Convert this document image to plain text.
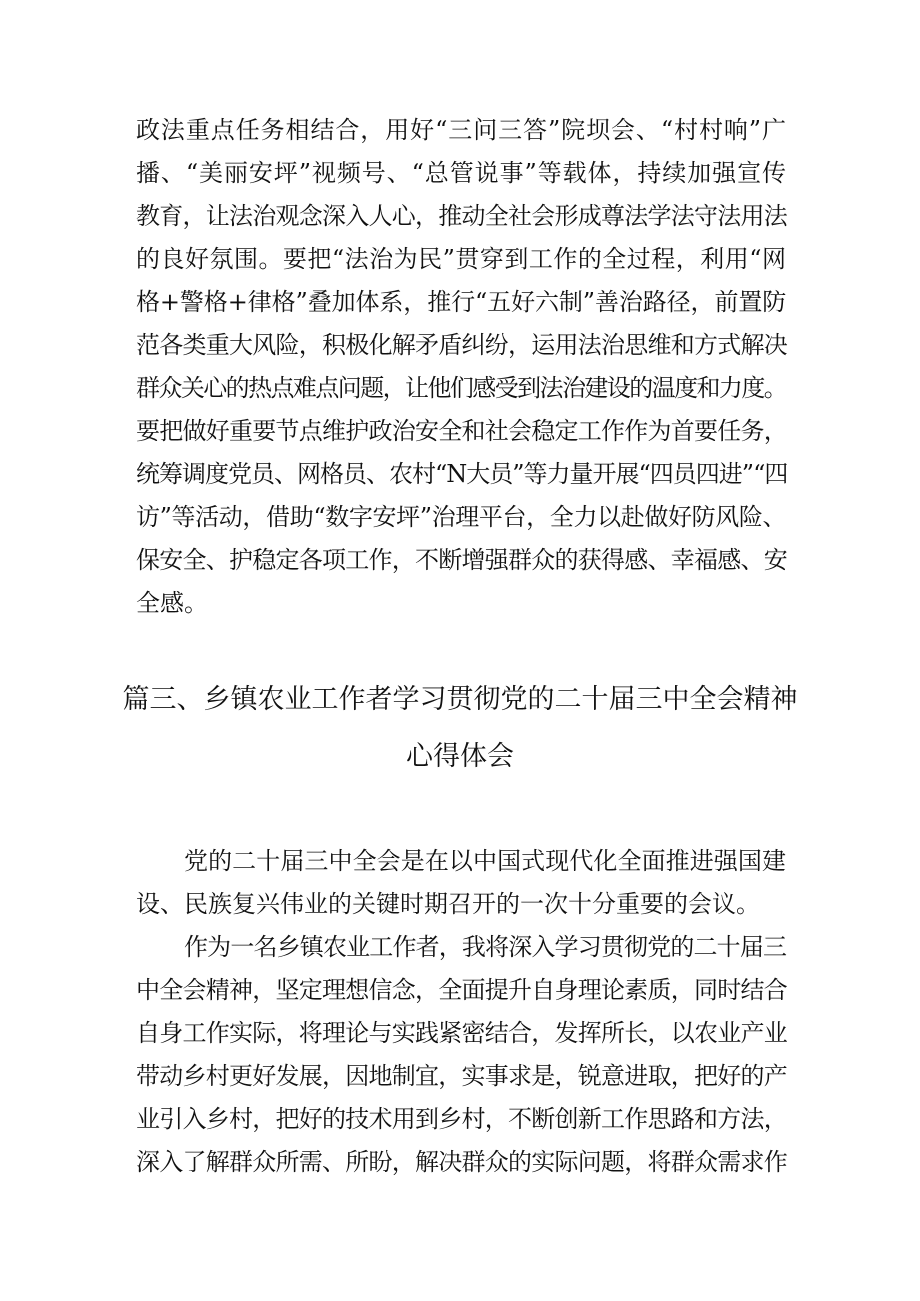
政法重点任务相结合，用好“三问三答”院坝会、“村村响”广
播、“美丽安坪”视频号、“总管说事”等载体，持续加强宣传
教育，让法治观念深入人心，推动全社会形成尊法学法守法用法
的良好氛围。要把“法治为民”贯穿到工作的全过程，利用“网
格+警格+律格”叠加体系，推行“五好六制”善治路径，前置防
范各类重大风险，积极化解矛盾纠纷，运用法治思维和方式解决
群众关心的热点难点问题，让他们感受到法治建设的温度和力度。
要把做好重要节点维护政治安全和社会稳定工作作为首要任务，
统筹调度党员、网格员、农村“N大员”等力量开展“四员四进”“四
访”等活动，借助“数字安坪”治理平台，全力以赴做好防风险、
保安全、护稳定各项工作，不断增强群众的获得感、幸福感、安
全感。
篇三、乡镇农业工作者学习贯彻党的二十届三中全会精神
心得体会
党的二十届三中全会是在以中国式现代化全面推进强国建
设、民族复兴伟业的关键时期召开的一次十分重要的会议。
作为一名乡镇农业工作者，我将深入学习贯彻党的二十届三
中全会精神，坚定理想信念，全面提升自身理论素质，同时结合
自身工作实际，将理论与实践紧密结合，发挥所长，以农业产业
带动乡村更好发展，因地制宜，实事求是，锐意进取，把好的产
业引入乡村，把好的技术用到乡村，不断创新工作思路和方法，
深入了解群众所需、所盼，解决群众的实际问题，将群众需求作
